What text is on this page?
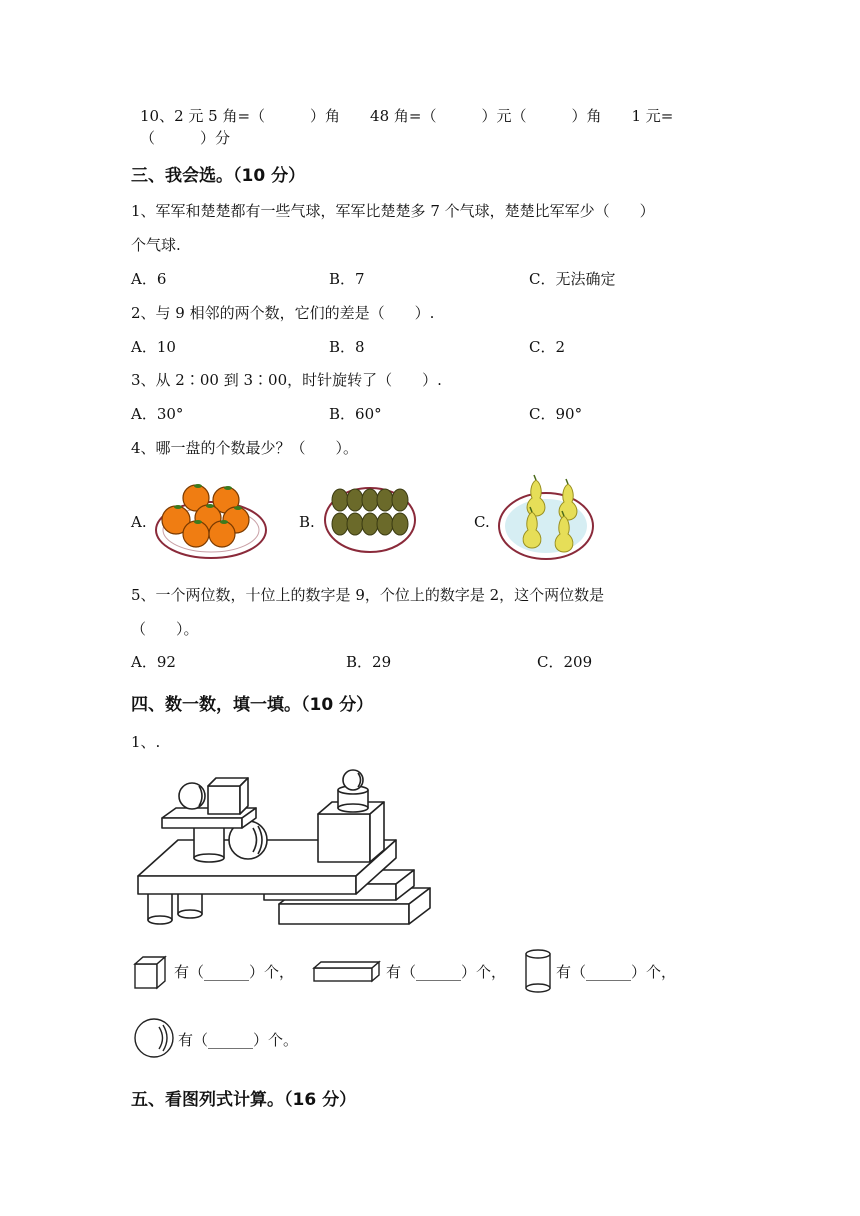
10、2 元 5 角=（　　　）角　　48 角=（　　　）元（　　　）角　　1 元=
（　　　）分
三、我会选。（10 分）
1、军军和楚楚都有一些气球，军军比楚楚多 7 个气球，楚楚比军军少（　　）
个气球.
A．6	B．7	C．无法确定
2、与 9 相邻的两个数，它们的差是（　　）.
A．10	B．8	C．2
3、从 2∶00 到 3∶00，时针旋转了（　　）.
A．30°	B．60°	C．90°
4、哪一盘的个数最少？（　　）。
A.	B.	C.
5、一个两位数，十位上的数字是 9，个位上的数字是 2，这个两位数是
（　　）。
A．92	B．29	C．209
四、数一数，填一填。（10 分）
1、.
有（______）个，	有（______）个，	有（______）个，
有（______）个。
五、看图列式计算。（16 分）
